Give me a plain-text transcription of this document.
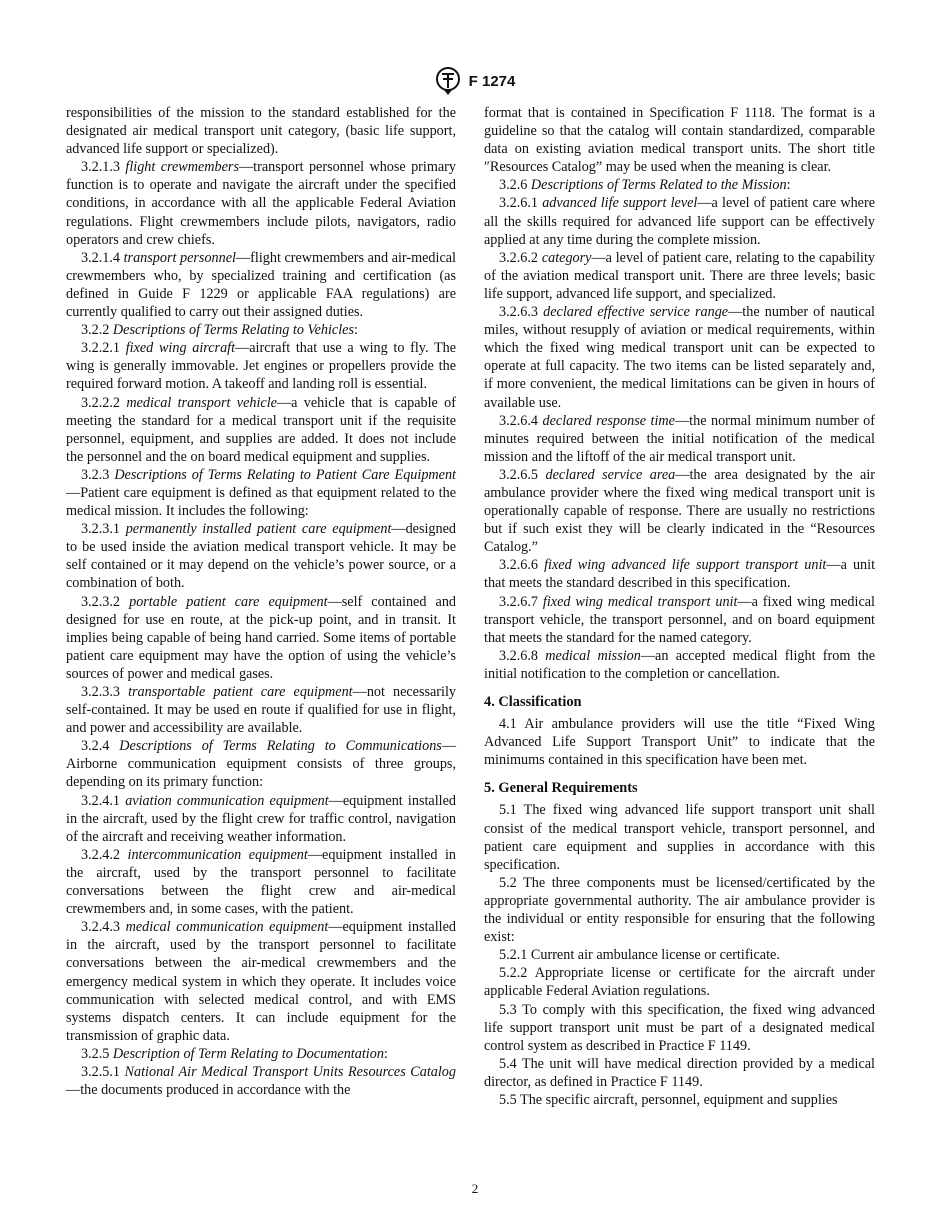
F 1274

responsibilities of the mission to the standard established for the designated air medical transport unit category, (basic life support, advanced life support or specialized).

3.2.1.3 flight crewmembers—transport personnel whose primary function is to operate and navigate the aircraft under the specified conditions, in accordance with all the applicable Federal Aviation regulations. Flight crewmembers include pilots, navigators, radio operators and crew chiefs.

3.2.1.4 transport personnel—flight crewmembers and air-medical crewmembers who, by specialized training and certification (as defined in Guide F 1229 or applicable FAA regulations) are currently qualified to carry out their assigned duties.

3.2.2 Descriptions of Terms Relating to Vehicles:

3.2.2.1 fixed wing aircraft—aircraft that use a wing to fly. The wing is generally immovable. Jet engines or propellers provide the required forward motion. A takeoff and landing roll is essential.

3.2.2.2 medical transport vehicle—a vehicle that is capable of meeting the standard for a medical transport unit if the requisite personnel, equipment, and supplies are added. It does not include the personnel and the on board medical equipment and supplies.

3.2.3 Descriptions of Terms Relating to Patient Care Equipment—Patient care equipment is defined as that equipment related to the medical mission. It includes the following:

3.2.3.1 permanently installed patient care equipment—designed to be used inside the aviation medical transport vehicle. It may be self contained or it may depend on the vehicle’s power source, or a combination of both.

3.2.3.2 portable patient care equipment—self contained and designed for use en route, at the pick-up point, and in transit. It implies being capable of being hand carried. Some items of portable patient care equipment may have the option of using the vehicle’s sources of power and medical gases.

3.2.3.3 transportable patient care equipment—not necessarily self-contained. It may be used en route if qualified for use in flight, and power and accessibility are available.

3.2.4 Descriptions of Terms Relating to Communications—Airborne communication equipment consists of three groups, depending on its primary function:

3.2.4.1 aviation communication equipment—equipment installed in the aircraft, used by the flight crew for traffic control, navigation of the aircraft and receiving weather information.

3.2.4.2 intercommunication equipment—equipment installed in the aircraft, used by the transport personnel to facilitate conversations between the flight crew and air-medical crewmembers and, in some cases, with the patient.

3.2.4.3 medical communication equipment—equipment installed in the aircraft, used by the transport personnel to facilitate conversations between the air-medical crewmembers and the emergency medical system in which they operate. It includes voice communication with selected medical control, and with EMS systems dispatch centers. It can include equipment for the transmission of graphic data.

3.2.5 Description of Term Relating to Documentation:

3.2.5.1 National Air Medical Transport Units Resources Catalog—the documents produced in accordance with the

format that is contained in Specification F 1118. The format is a guideline so that the catalog will contain standardized, comparable data on existing aviation medical transport units. The short title ″Resources Catalog” may be used when the meaning is clear.

3.2.6 Descriptions of Terms Related to the Mission:

3.2.6.1 advanced life support level—a level of patient care where all the skills required for advanced life support can be effectively applied at any time during the complete mission.

3.2.6.2 category—a level of patient care, relating to the capability of the aviation medical transport unit. There are three levels; basic life support, advanced life support, and specialized.

3.2.6.3 declared effective service range—the number of nautical miles, without resupply of aviation or medical requirements, within which the fixed wing medical transport unit can be expected to operate at full capacity. The two items can be listed separately and, if more convenient, the medical limitations can be given in hours of available use.

3.2.6.4 declared response time—the normal minimum number of minutes required between the initial notification of the medical mission and the liftoff of the air medical transport unit.

3.2.6.5 declared service area—the area designated by the air ambulance provider where the fixed wing medical transport unit is operationally capable of response. There are usually no restrictions but if such exist they will be clearly indicated in the “Resources Catalog.”

3.2.6.6 fixed wing advanced life support transport unit—a unit that meets the standard described in this specification.

3.2.6.7 fixed wing medical transport unit—a fixed wing medical transport vehicle, the transport personnel, and on board equipment that meets the standard for the named category.

3.2.6.8 medical mission—an accepted medical flight from the initial notification to the completion or cancellation.

4. Classification

4.1 Air ambulance providers will use the title “Fixed Wing Advanced Life Support Transport Unit” to indicate that the minimums contained in this specification have been met.

5. General Requirements

5.1 The fixed wing advanced life support transport unit shall consist of the medical transport vehicle, transport personnel, and patient care equipment and supplies in accordance with this specification.

5.2 The three components must be licensed/certificated by the appropriate governmental authority. The air ambulance provider is the individual or entity responsible for ensuring that the following exist:

5.2.1 Current air ambulance license or certificate.

5.2.2 Appropriate license or certificate for the aircraft under applicable Federal Aviation regulations.

5.3 To comply with this specification, the fixed wing advanced life support transport unit must be part of a designated medical control system as described in Practice F 1149.

5.4 The unit will have medical direction provided by a medical director, as defined in Practice F 1149.

5.5 The specific aircraft, personnel, equipment and supplies

2
